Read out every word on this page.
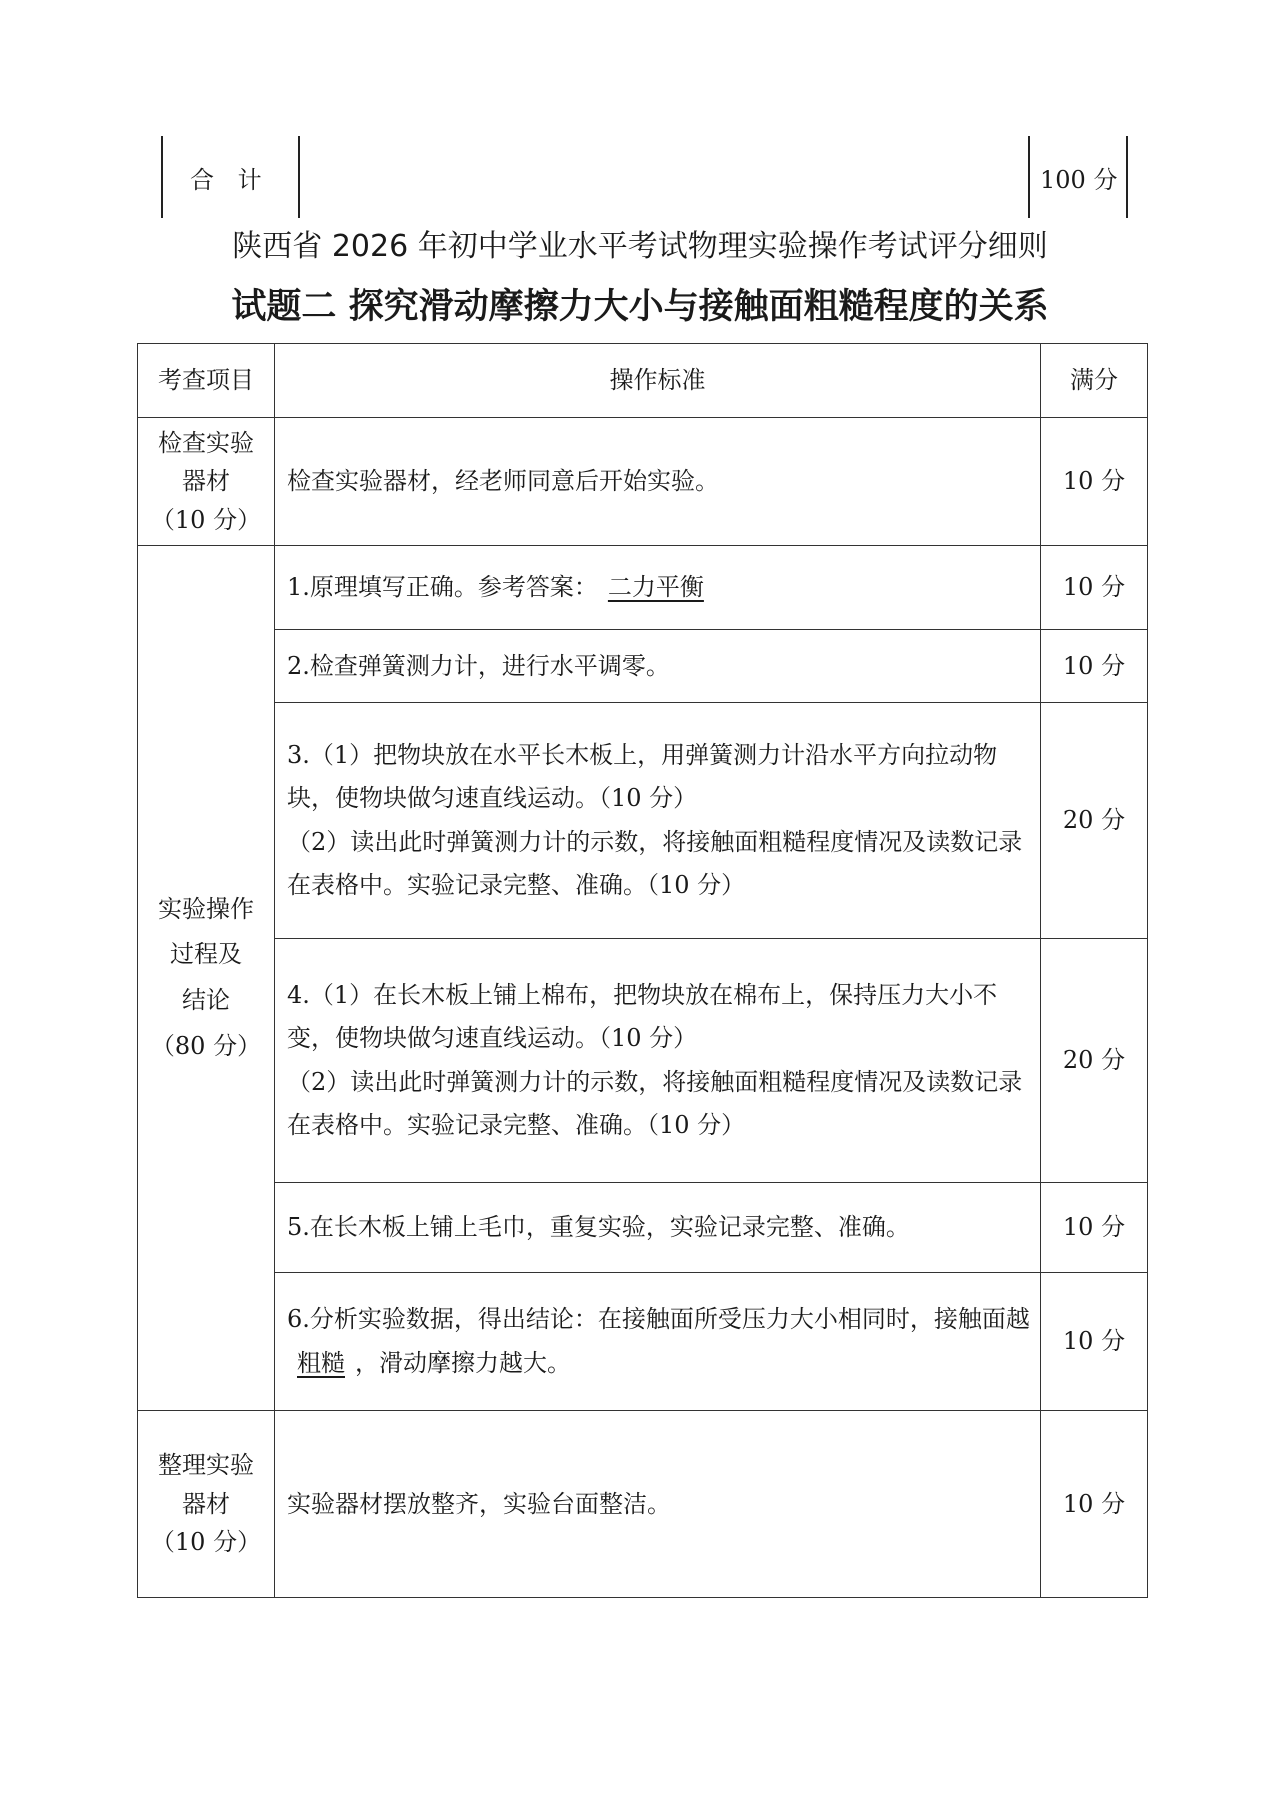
合 计	100 分
陕西省 2026 年初中学业水平考试物理实验操作考试评分细则
试题二 探究滑动摩擦力大小与接触面粗糙程度的关系
考查项目	操作标准	满分

检查实验
器材
（10 分）	检查实验器材，经老师同意后开始实验。	10 分

实验操作
过程及
结论
（80 分）	1.原理填写正确。参考答案： 二力平衡	10 分
	2.检查弹簧测力计，进行水平调零。	10 分

	3.（1）把物块放在水平长木板上，用弹簧测力计沿水平方向拉动物块，使物块做匀速直线运动。（10 分）
（2）读出此时弹簧测力计的示数，将接触面粗糙程度情况及读数记录在表格中。实验记录完整、准确。（10 分）	20 分

	4.（1）在长木板上铺上棉布，把物块放在棉布上，保持压力大小不变，使物块做匀速直线运动。（10 分）
（2）读出此时弹簧测力计的示数，将接触面粗糙程度情况及读数记录在表格中。实验记录完整、准确。（10 分）	20 分
	5.在长木板上铺上毛巾，重复实验，实验记录完整、准确。	10 分
	6.分析实验数据，得出结论：在接触面所受压力大小相同时，接触面越粗糙 ，滑动摩擦力越大。	10 分

整理实验
器材
（10 分）	实验器材摆放整齐，实验台面整洁。	10 分
